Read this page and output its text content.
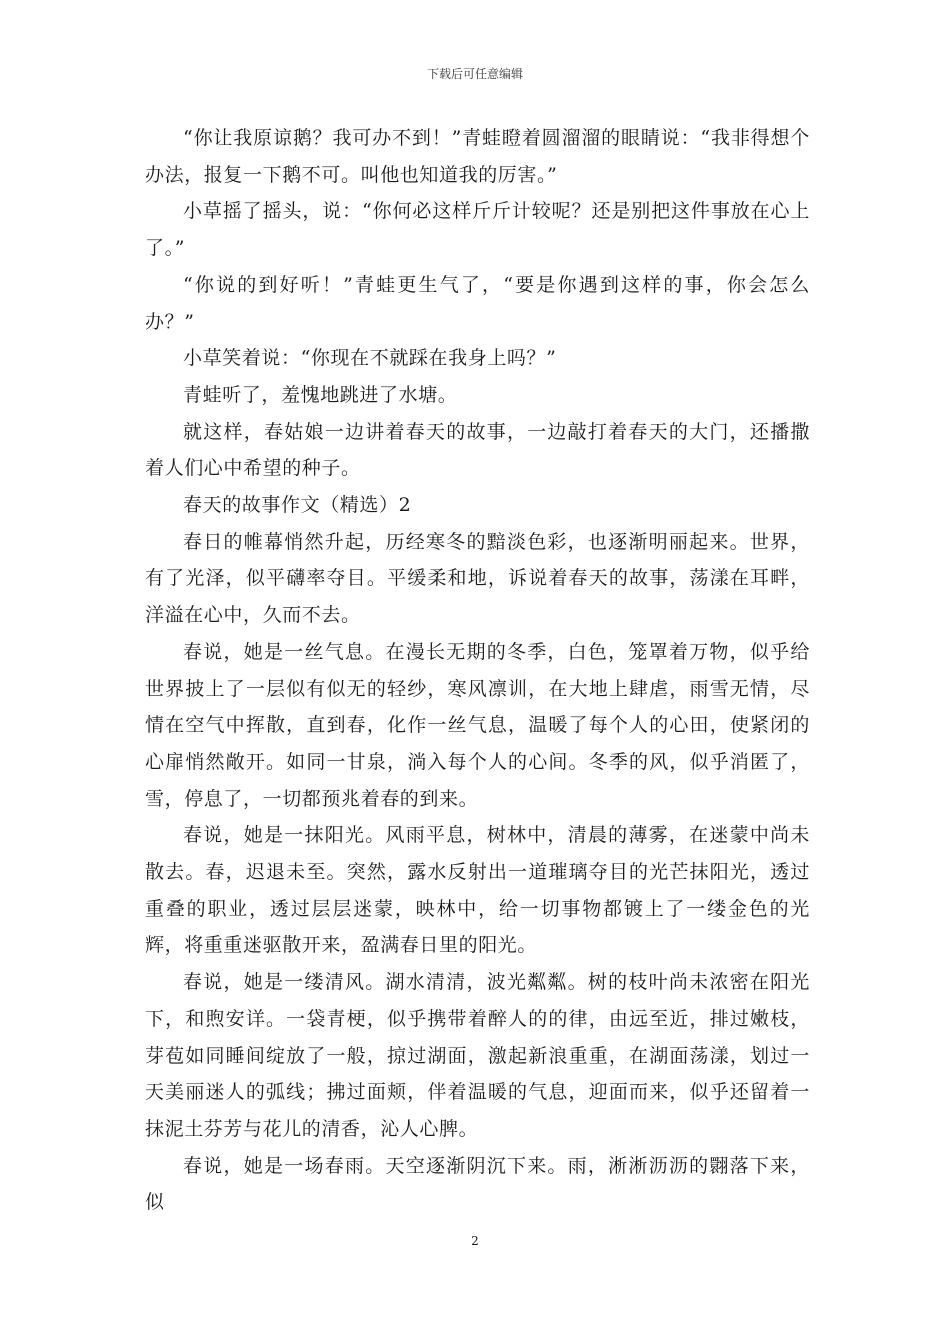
下载后可任意编辑

“你让我原谅鹅？我可办不到！”青蛙瞪着圆溜溜的眼睛说：“我非得想个办法，报复一下鹅不可。叫他也知道我的厉害。”

小草摇了摇头，说：“你何必这样斤斤计较呢？还是别把这件事放在心上了。”

“你说的到好听！”青蛙更生气了，“要是你遇到这样的事，你会怎么办？”

小草笑着说：“你现在不就踩在我身上吗？”

青蛙听了，羞愧地跳进了水塘。

就这样，春姑娘一边讲着春天的故事，一边敲打着春天的大门，还播撒着人们心中希望的种子。

春天的故事作文（精选）2

春日的帷幕悄然升起，历经寒冬的黯淡色彩，也逐渐明丽起来。世界，有了光泽，似平礴率夺目。平缓柔和地，诉说着春天的故事，荡漾在耳畔，洋溢在心中，久而不去。

春说，她是一丝气息。在漫长无期的冬季，白色，笼罩着万物，似乎给世界披上了一层似有似无的轻纱，寒风凛训，在大地上肆虐，雨雪无情，尽情在空气中挥散，直到春，化作一丝气息，温暖了每个人的心田，使紧闭的心扉悄然敞开。如同一甘泉，淌入每个人的心间。冬季的风，似乎消匿了，雪，停息了，一切都预兆着春的到来。

春说，她是一抹阳光。风雨平息，树林中，清晨的薄雾，在迷蒙中尚未散去。春，迟退未至。突然，露水反射出一道璀璃夺目的光芒抹阳光，透过重叠的职业，透过层层迷蒙，映林中，给一切事物都镀上了一缕金色的光辉，将重重迷驱散开来，盈满春日里的阳光。

春说，她是一缕清风。湖水清清，波光粼粼。树的枝叶尚未浓密在阳光下，和煦安详。一袋青梗，似乎携带着醉人的的律，由远至近，排过嫩枝，芽苞如同睡间绽放了一般，掠过湖面，激起新浪重重，在湖面荡漾，划过一天美丽迷人的弧线；拂过面颊，伴着温暖的气息，迎面而来，似乎还留着一抹泥土芬芳与花儿的清香，沁人心脾。

春说，她是一场春雨。天空逐渐阴沉下来。雨，淅淅沥沥的翾落下来，似

2
